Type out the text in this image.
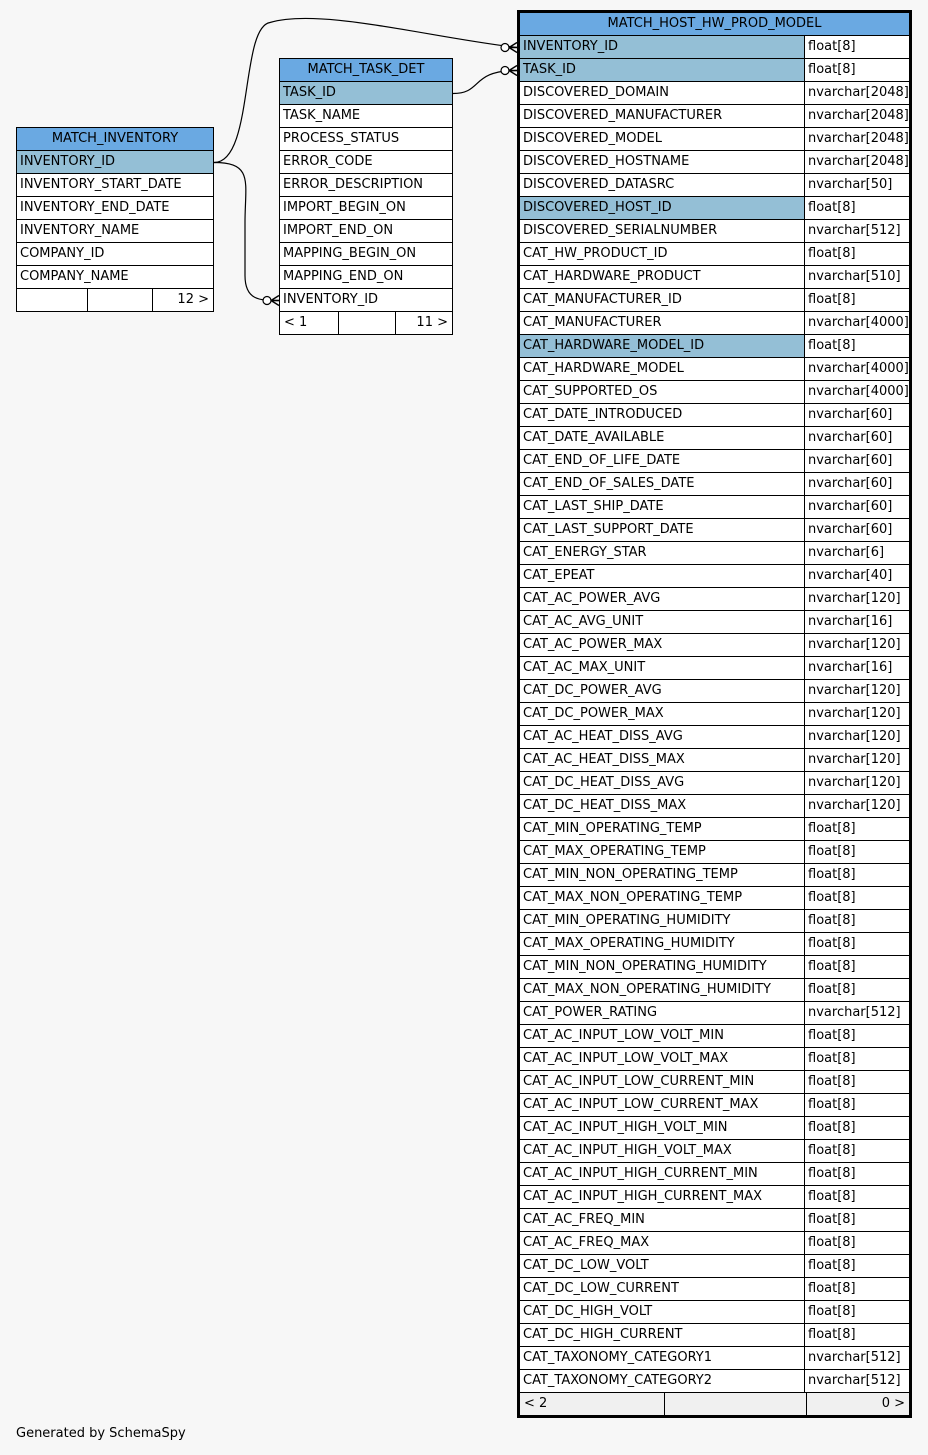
MATCH_INVENTORY
INVENTORY_ID
INVENTORY_START_DATE
INVENTORY_END_DATE
INVENTORY_NAME
COMPANY_ID
COMPANY_NAME
12 >
MATCH_TASK_DET
TASK_ID
TASK_NAME
PROCESS_STATUS
ERROR_CODE
ERROR_DESCRIPTION
IMPORT_BEGIN_ON
IMPORT_END_ON
MAPPING_BEGIN_ON
MAPPING_END_ON
INVENTORY_ID
< 1	11 >
MATCH_HOST_HW_PROD_MODEL
INVENTORY_ID	float[8]
TASK_ID	float[8]
DISCOVERED_DOMAIN	nvarchar[2048]
DISCOVERED_MANUFACTURER	nvarchar[2048]
DISCOVERED_MODEL	nvarchar[2048]
DISCOVERED_HOSTNAME	nvarchar[2048]
DISCOVERED_DATASRC	nvarchar[50]
DISCOVERED_HOST_ID	float[8]
DISCOVERED_SERIALNUMBER	nvarchar[512]
CAT_HW_PRODUCT_ID	float[8]
CAT_HARDWARE_PRODUCT	nvarchar[510]
CAT_MANUFACTURER_ID	float[8]
CAT_MANUFACTURER	nvarchar[4000]
CAT_HARDWARE_MODEL_ID	float[8]
CAT_HARDWARE_MODEL	nvarchar[4000]
CAT_SUPPORTED_OS	nvarchar[4000]
CAT_DATE_INTRODUCED	nvarchar[60]
CAT_DATE_AVAILABLE	nvarchar[60]
CAT_END_OF_LIFE_DATE	nvarchar[60]
CAT_END_OF_SALES_DATE	nvarchar[60]
CAT_LAST_SHIP_DATE	nvarchar[60]
CAT_LAST_SUPPORT_DATE	nvarchar[60]
CAT_ENERGY_STAR	nvarchar[6]
CAT_EPEAT	nvarchar[40]
CAT_AC_POWER_AVG	nvarchar[120]
CAT_AC_AVG_UNIT	nvarchar[16]
CAT_AC_POWER_MAX	nvarchar[120]
CAT_AC_MAX_UNIT	nvarchar[16]
CAT_DC_POWER_AVG	nvarchar[120]
CAT_DC_POWER_MAX	nvarchar[120]
CAT_AC_HEAT_DISS_AVG	nvarchar[120]
CAT_AC_HEAT_DISS_MAX	nvarchar[120]
CAT_DC_HEAT_DISS_AVG	nvarchar[120]
CAT_DC_HEAT_DISS_MAX	nvarchar[120]
CAT_MIN_OPERATING_TEMP	float[8]
CAT_MAX_OPERATING_TEMP	float[8]
CAT_MIN_NON_OPERATING_TEMP	float[8]
CAT_MAX_NON_OPERATING_TEMP	float[8]
CAT_MIN_OPERATING_HUMIDITY	float[8]
CAT_MAX_OPERATING_HUMIDITY	float[8]
CAT_MIN_NON_OPERATING_HUMIDITY	float[8]
CAT_MAX_NON_OPERATING_HUMIDITY	float[8]
CAT_POWER_RATING	nvarchar[512]
CAT_AC_INPUT_LOW_VOLT_MIN	float[8]
CAT_AC_INPUT_LOW_VOLT_MAX	float[8]
CAT_AC_INPUT_LOW_CURRENT_MIN	float[8]
CAT_AC_INPUT_LOW_CURRENT_MAX	float[8]
CAT_AC_INPUT_HIGH_VOLT_MIN	float[8]
CAT_AC_INPUT_HIGH_VOLT_MAX	float[8]
CAT_AC_INPUT_HIGH_CURRENT_MIN	float[8]
CAT_AC_INPUT_HIGH_CURRENT_MAX	float[8]
CAT_AC_FREQ_MIN	float[8]
CAT_AC_FREQ_MAX	float[8]
CAT_DC_LOW_VOLT	float[8]
CAT_DC_LOW_CURRENT	float[8]
CAT_DC_HIGH_VOLT	float[8]
CAT_DC_HIGH_CURRENT	float[8]
CAT_TAXONOMY_CATEGORY1	nvarchar[512]
CAT_TAXONOMY_CATEGORY2	nvarchar[512]
< 2	0 >
Generated by SchemaSpy
